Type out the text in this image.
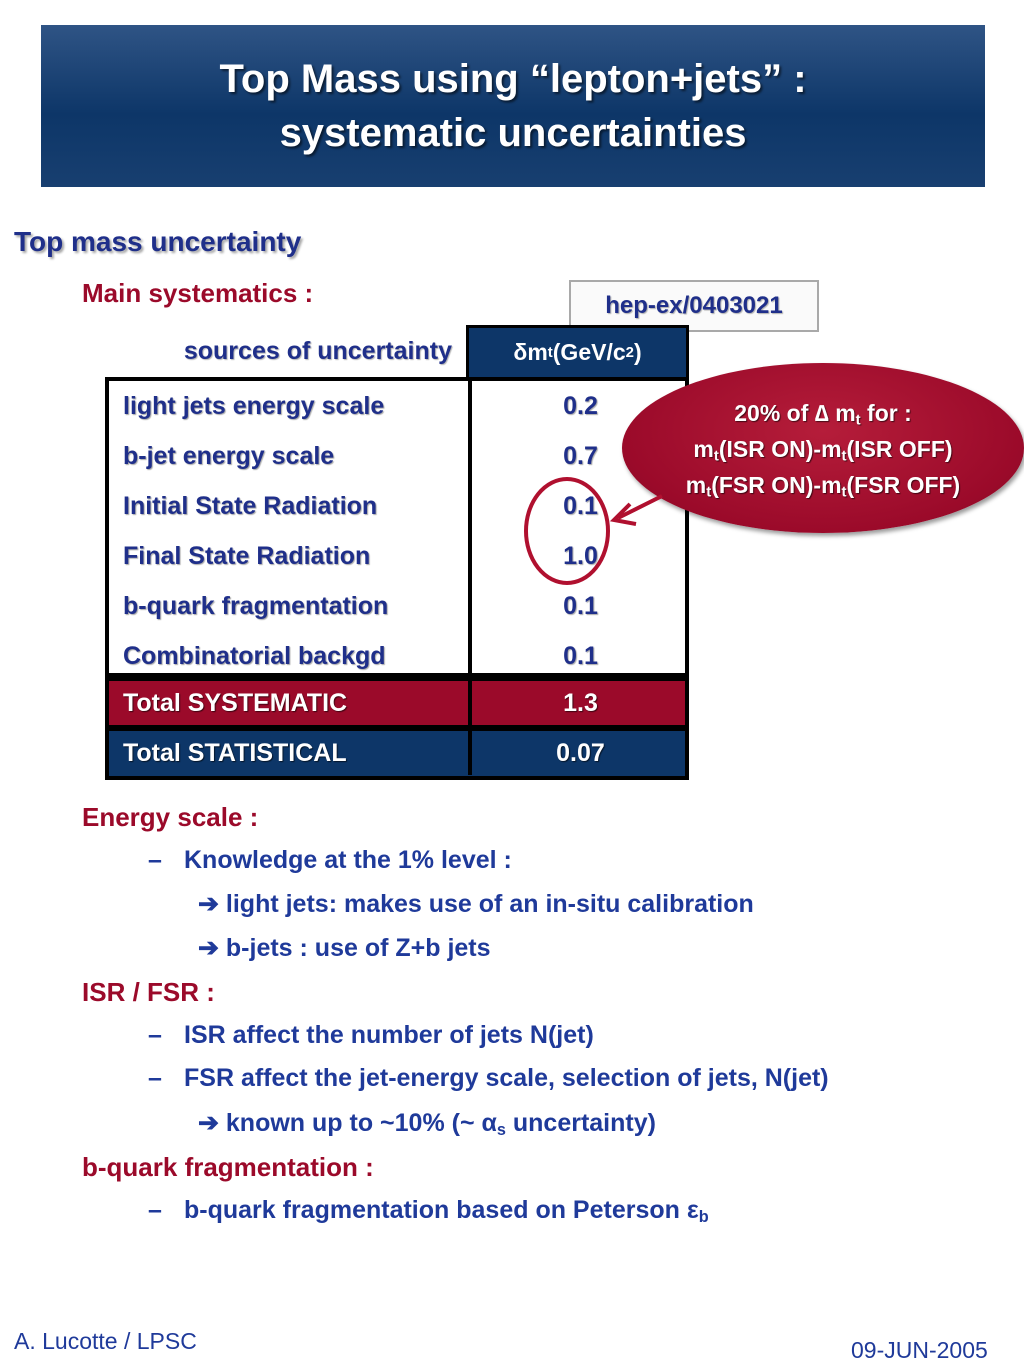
Top Mass using “lepton+jets” :
systematic uncertainties
Top mass uncertainty
Main systematics :	hep-ex/0403021
sources of uncertainty	δm t (GeV/c 2 )
light jets energy scale	0.2
b-jet energy scale	0.7
Initial State Radiation	0.1
Final State Radiation	1.0
b-quark fragmentation	0.1
Combinatorial backgd	0.1
Total SYSTEMATIC	1.3
Total STATISTICAL	0.07
20% of ∆ $m_t$ for :
$m_t(ISR$ $ON)-m_t(ISR$ OFF)
$m_t(FSR$ $ON)-m_t(FSR$ OFF)
Energy scale :
– Knowledge at the 1% level :
➔ light jets: makes use of an in-situ calibration
➔ b-jets : use of Z+b jets
ISR / FSR :
– ISR affect the number of jets N(jet)
– FSR affect the jet-energy scale, selection of jets, N(jet)
➔ known up to ~10% (~ $\alpha_s$ uncertainty)
b-quark fragmentation :
– b-quark fragmentation based on Peterson $\varepsilon_b$
A. Lucotte / LPSC	09-JUN-2005
